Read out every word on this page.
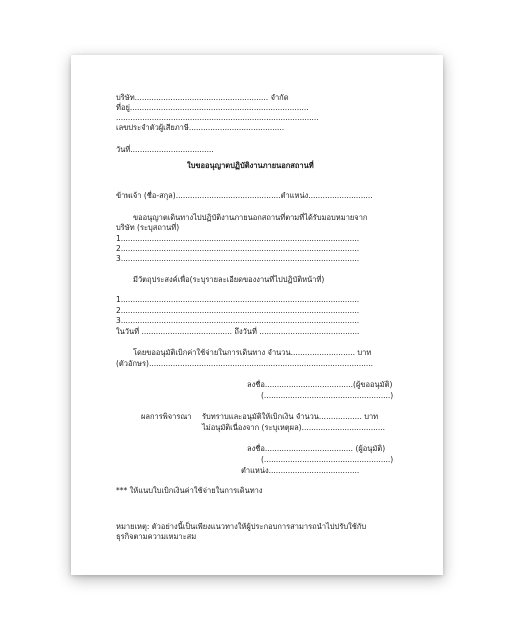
บริษัท........................................................ จำกัด
ที่อยู่...........................................................................
.....................................................................................
เลขประจำตัวผู้เสียภาษี........................................
วันที่...................................
ใบขออนุญาตปฏิบัติงานภายนอกสถานที่
ข้าพเจ้า (ชื่อ-สกุล)............................................ตำแหน่ง...........................
ขออนุญาตเดินทางไปปฏิบัติงานภายนอกสถานที่ตามที่ได้รับมอบหมายจาก
บริษัท (ระบุสถานที่)
1....................................................................................................
2....................................................................................................
3....................................................................................................
มีวัตถุประสงค์เพื่อ(ระบุรายละเอียดของงานที่ไปปฏิบัติหน้าที่)
1....................................................................................................
2....................................................................................................
3....................................................................................................
ในวันที่ ...................................... ถึงวันที่ ..........................................
โดยขออนุมัติเบิกค่าใช้จ่ายในการเดินทาง จำนวน........................... บาท
(ตัวอักษร)..............................................................................................
ลงชื่อ.....................................(ผู้ขออนุมัติ)
(.....................................................)
ผลการพิจารณา รับทราบและอนุมัติให้เบิกเงิน จำนวน.................. บาท
ไม่อนุมัติเนื่องจาก (ระบุเหตุผล)...................................
ลงชื่อ..................................... (ผู้อนุมัติ)
(.....................................................)
ตำแหน่ง......................................
*** ให้แนบใบเบิกเงินค่าใช้จ่ายในการเดินทาง
หมายเหตุ: ตัวอย่างนี้เป็นเพียงแนวทางให้ผู้ประกอบการสามารถนำไปปรับใช้กับ
ธุรกิจตามความเหมาะสม
